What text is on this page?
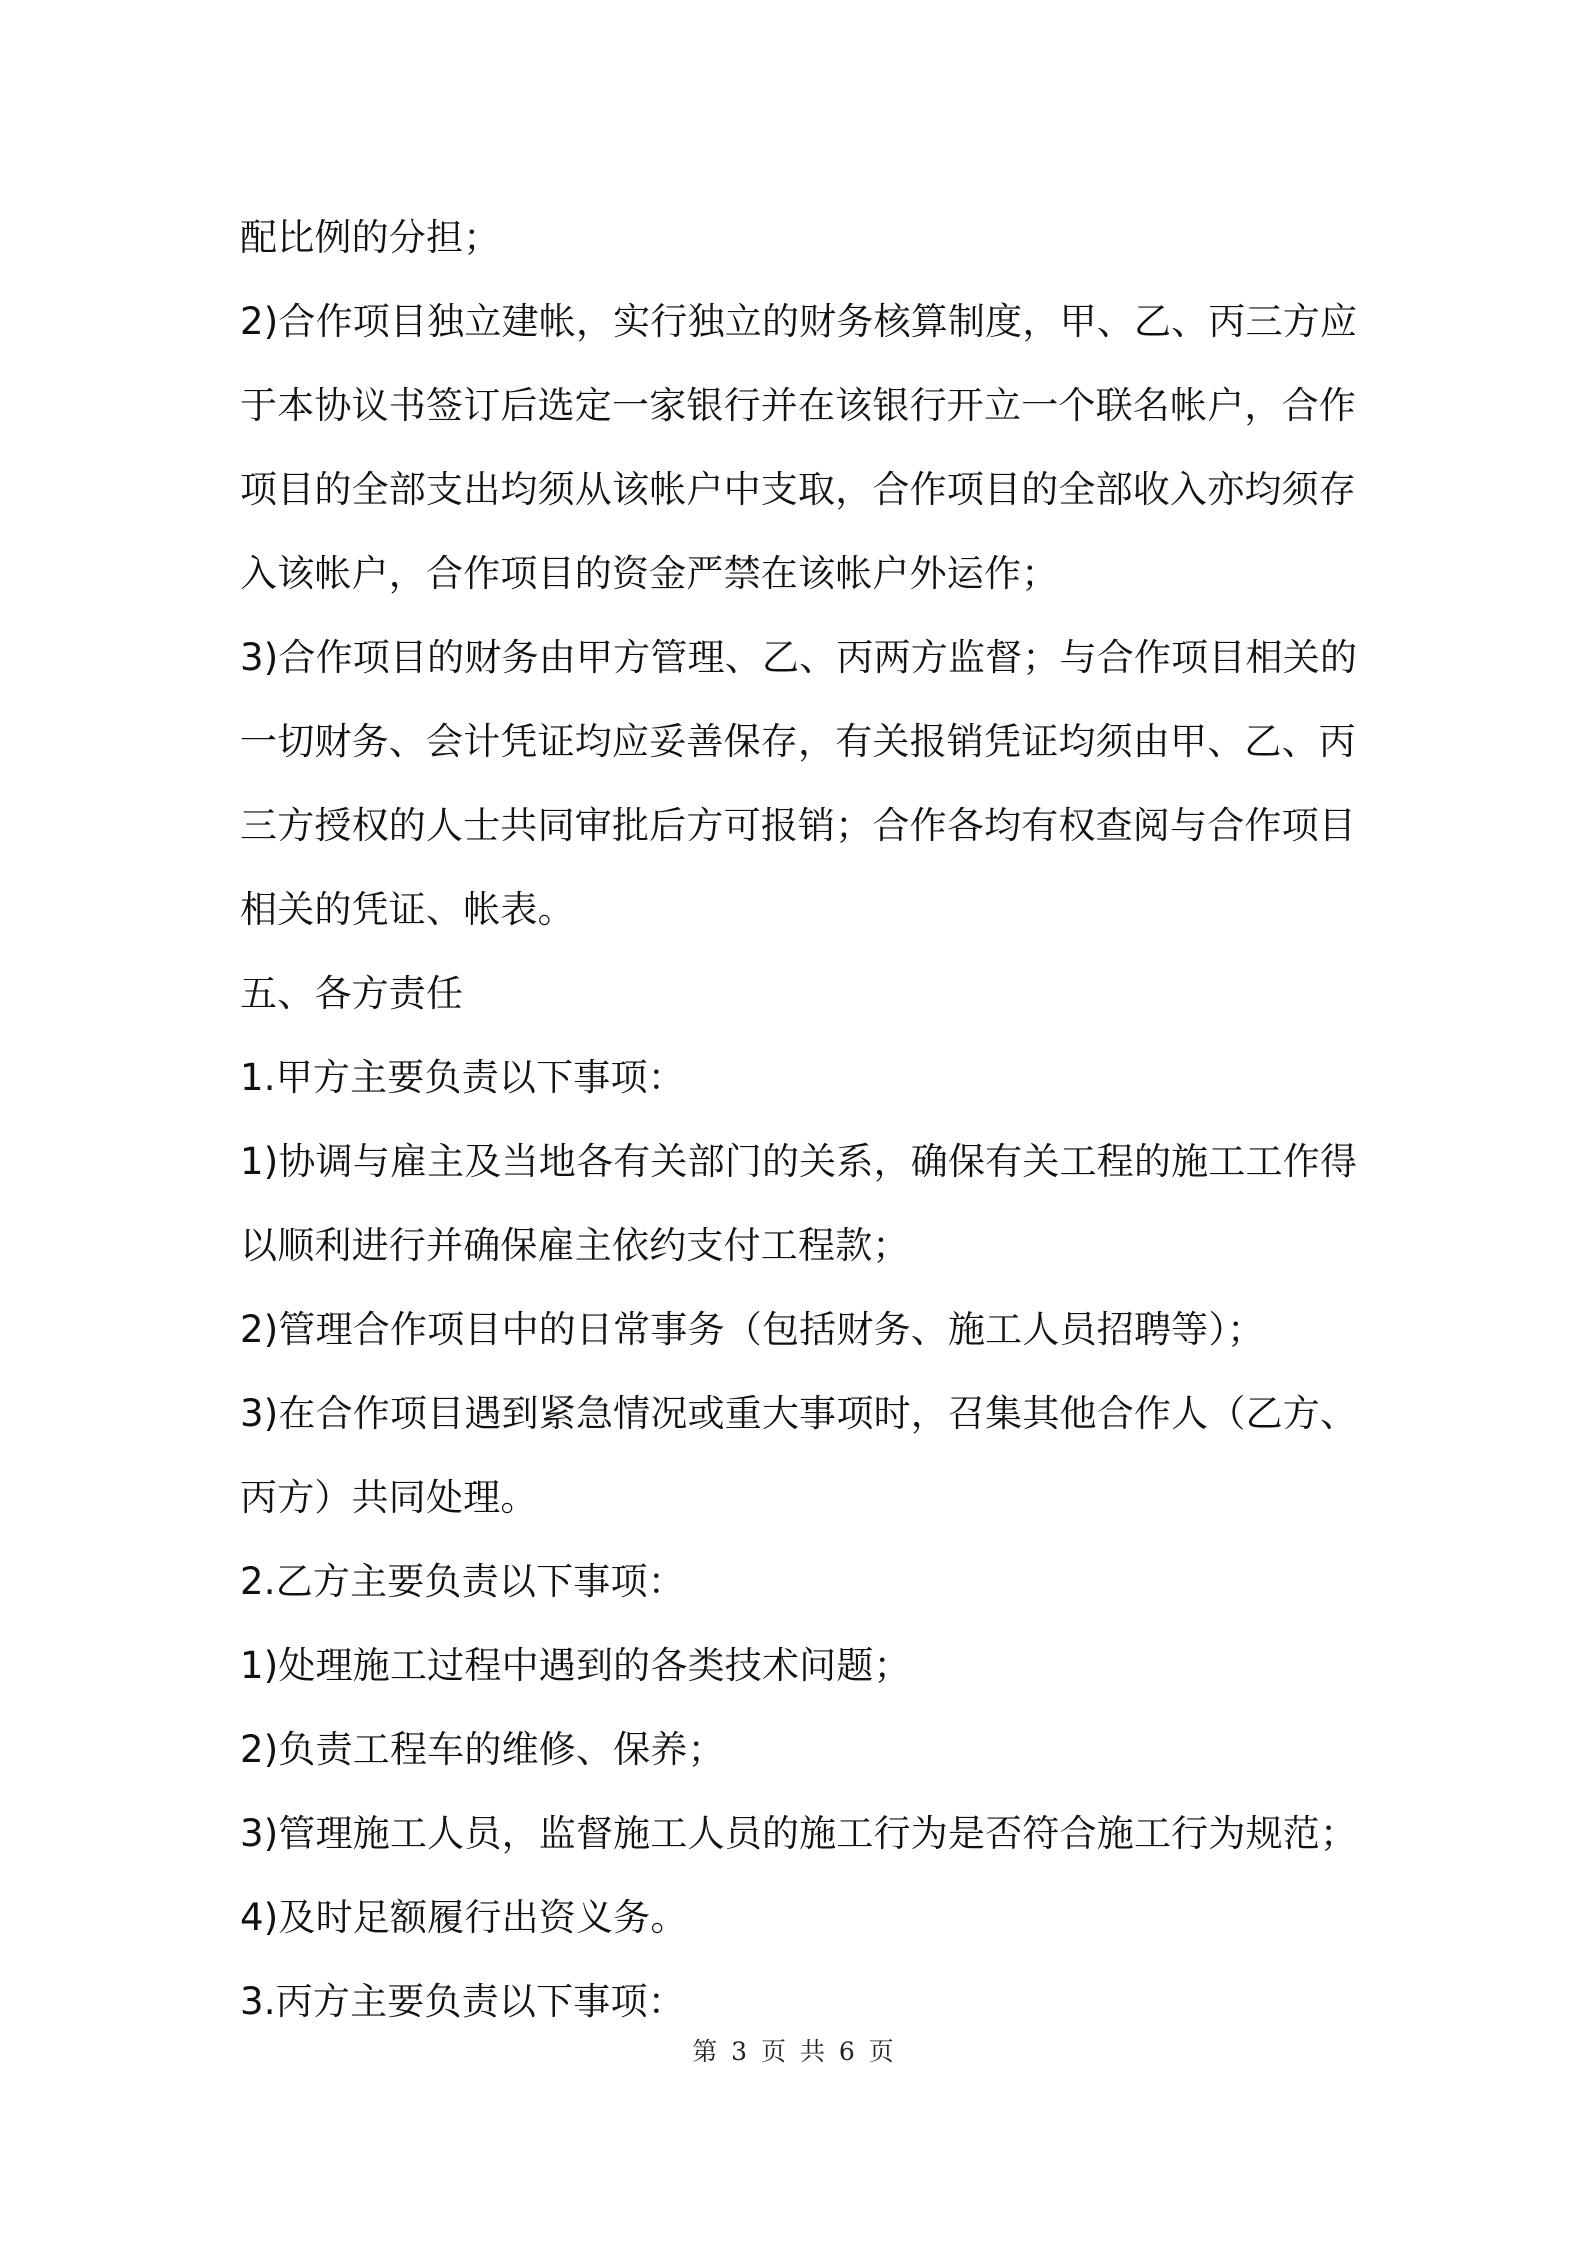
配比例的分担；
2)合作项目独立建帐，实行独立的财务核算制度，甲、乙、丙三方应
于本协议书签订后选定一家银行并在该银行开立一个联名帐户，合作
项目的全部支出均须从该帐户中支取，合作项目的全部收入亦均须存
入该帐户，合作项目的资金严禁在该帐户外运作；
3)合作项目的财务由甲方管理、乙、丙两方监督；与合作项目相关的
一切财务、会计凭证均应妥善保存，有关报销凭证均须由甲、乙、丙
三方授权的人士共同审批后方可报销；合作各均有权查阅与合作项目
相关的凭证、帐表。
五、各方责任
1.甲方主要负责以下事项：
1)协调与雇主及当地各有关部门的关系，确保有关工程的施工工作得
以顺利进行并确保雇主依约支付工程款；
2)管理合作项目中的日常事务（包括财务、施工人员招聘等）；
3)在合作项目遇到紧急情况或重大事项时，召集其他合作人（乙方、
丙方）共同处理。
2.乙方主要负责以下事项：
1)处理施工过程中遇到的各类技术问题；
2)负责工程车的维修、保养；
3)管理施工人员，监督施工人员的施工行为是否符合施工行为规范；
4)及时足额履行出资义务。
3.丙方主要负责以下事项：
第 3 页 共 6 页
